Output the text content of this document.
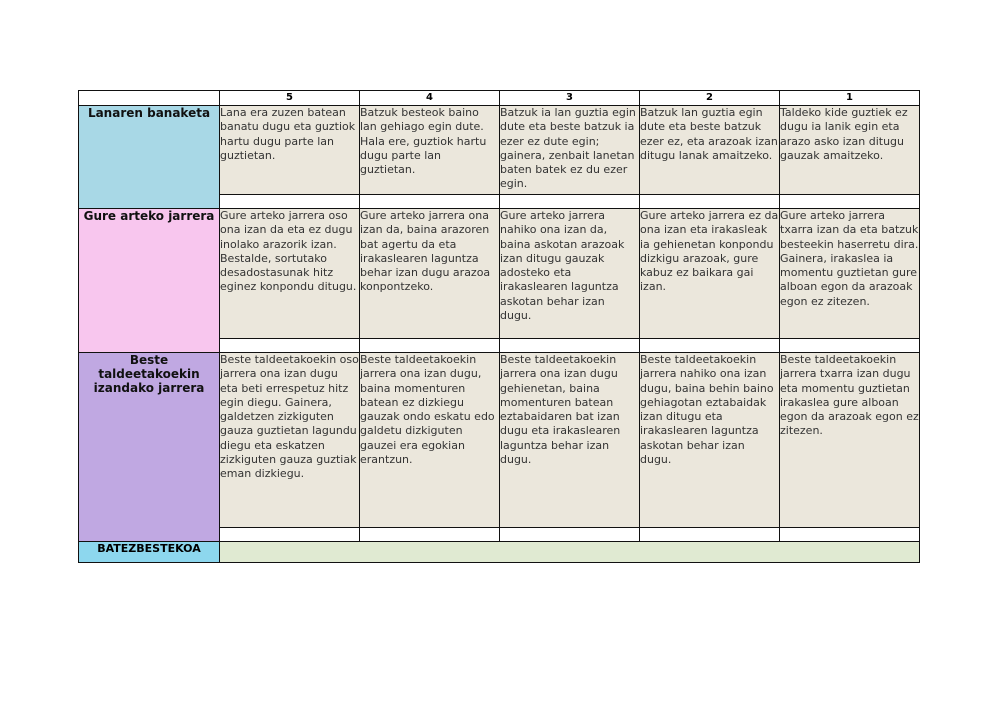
	5	4	3	2	1
Lanaren banaketa	Lana era zuzen batean banatu dugu eta guztiok hartu dugu parte lan guztietan.	Batzuk besteok baino lan gehiago egin dute. Hala ere, guztiok hartu dugu parte lan guztietan.	Batzuk ia lan guztia egin dute eta beste batzuk ia ezer ez dute egin; gainera, zenbait lanetan baten batek ez du ezer egin.	Batzuk lan guztia egin dute eta beste batzuk ezer ez, eta arazoak izan ditugu lanak amaitzeko.	Taldeko kide guztiek ez dugu ia lanik egin eta arazo asko izan ditugu gauzak amaitzeko.

Gure arteko jarrera	Gure arteko jarrera oso ona izan da eta ez dugu inolako arazorik izan. Bestalde, sortutako desadostasunak hitz eginez konpondu ditugu.	Gure arteko jarrera ona izan da, baina arazoren bat agertu da eta irakaslearen laguntza behar izan dugu arazoa konpontzeko.	Gure arteko jarrera nahiko ona izan da, baina askotan arazoak izan ditugu gauzak adosteko eta irakaslearen laguntza askotan behar izan dugu.	Gure arteko jarrera ez da ona izan eta irakasleak ia gehienetan konpondu dizkigu arazoak, gure kabuz ez baikara gai izan.	Gure arteko jarrera txarra izan da eta batzuk besteekin haserretu dira. Gainera, irakaslea ia momentu guztietan gure alboan egon da arazoak egon ez zitezen.

Beste taldeetakoekin izandako jarrera	Beste taldeetakoekin oso jarrera ona izan dugu eta beti errespetuz hitz egin diegu. Gainera, galdetzen zizkiguten gauza guztietan lagundu diegu eta eskatzen zizkiguten gauza guztiak eman dizkiegu.	Beste taldeetakoekin jarrera ona izan dugu, baina momenturen batean ez dizkiegu gauzak ondo eskatu edo galdetu dizkiguten gauzei era egokian erantzun.	Beste taldeetakoekin jarrera ona izan dugu gehienetan, baina momenturen batean eztabaidaren bat izan dugu eta irakaslearen laguntza behar izan dugu.	Beste taldeetakoekin jarrera nahiko ona izan dugu, baina behin baino gehiagotan eztabaidak izan ditugu eta irakaslearen laguntza askotan behar izan dugu.	Beste taldeetakoekin jarrera txarra izan dugu eta momentu guztietan irakaslea gure alboan egon da arazoak egon ez zitezen.

BATEZBESTEKOA					
